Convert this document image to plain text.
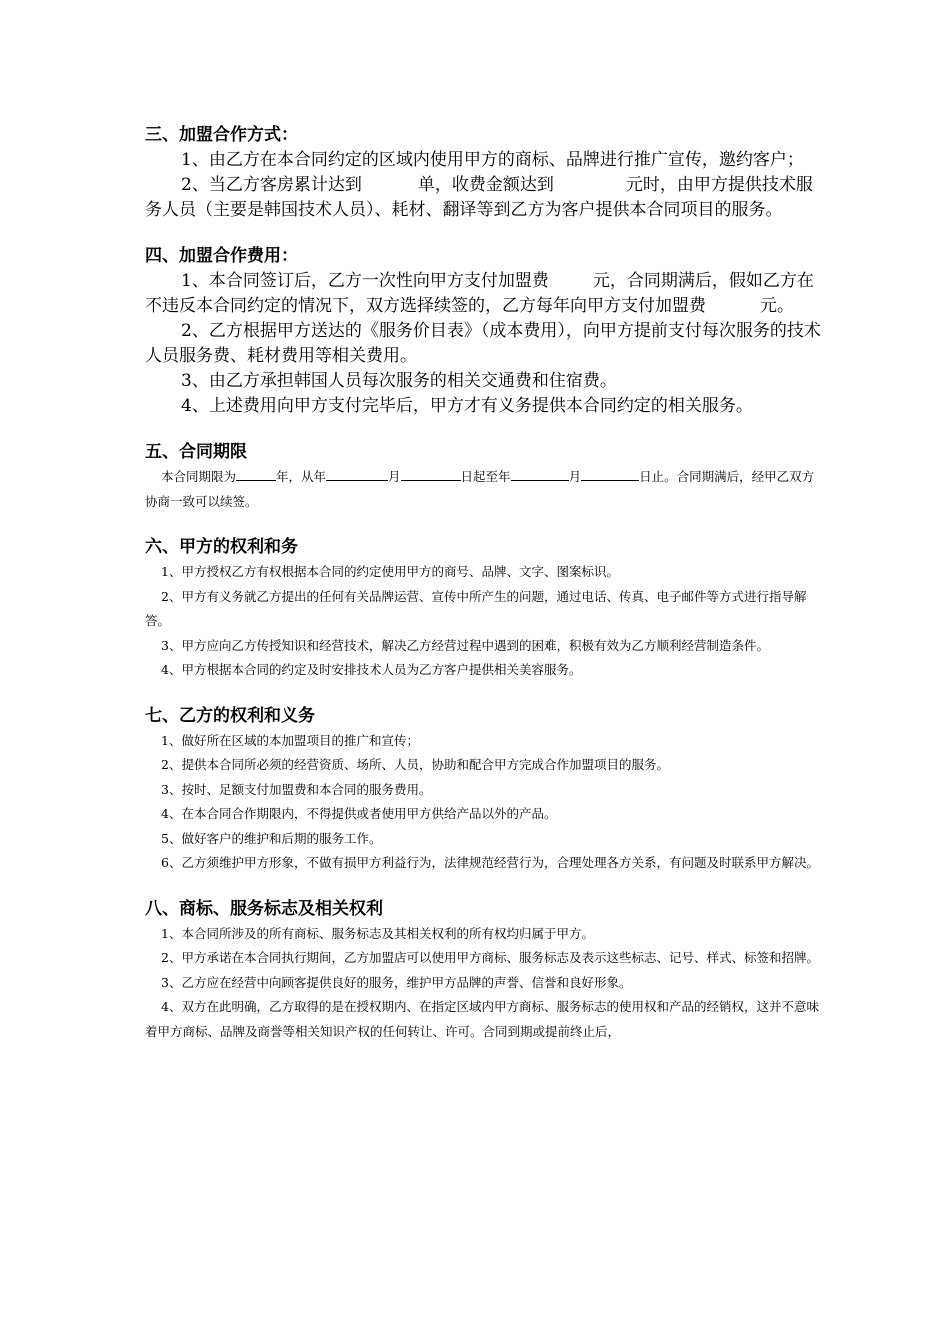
三、加盟合作方式：

1、由乙方在本合同约定的区域内使用甲方的商标、品牌进行推广宣传，邀约客户；

2、当乙方客房累计达到	单，收费金额达到	元时，由甲方提供技术服务人员（主要是韩国技术人员）、耗材、翻译等到乙方为客户提供本合同项目的服务。

四、加盟合作费用：

1、本合同签订后，乙方一次性向甲方支付加盟费	元，合同期满后，假如乙方在不违反本合同约定的情况下，双方选择续签的，乙方每年向甲方支付加盟费	元。

2、乙方根据甲方送达的《服务价目表》（成本费用），向甲方提前支付每次服务的技术人员服务费、耗材费用等相关费用。

3、由乙方承担韩国人员每次服务的相关交通费和住宿费。

4、上述费用向甲方支付完毕后，甲方才有义务提供本合同约定的相关服务。

五、合同期限

本合同期限为	年，从年	月	日起至年	月	日止。合同期满后，经甲乙双方协商一致可以续签。

六、甲方的权利和务

1、甲方授权乙方有权根据本合同的约定使用甲方的商号、品牌、文字、图案标识。

2、甲方有义务就乙方提出的任何有关品牌运营、宣传中所产生的问题，通过电话、传真、电子邮件等方式进行指导解答。

3、甲方应向乙方传授知识和经营技术，解决乙方经营过程中遇到的困难，积极有效为乙方顺利经营制造条件。

4、甲方根据本合同的约定及时安排技术人员为乙方客户提供相关美容服务。

七、乙方的权利和义务

1、做好所在区域的本加盟项目的推广和宣传；

2、提供本合同所必须的经营资质、场所、人员，协助和配合甲方完成合作加盟项目的服务。

3、按时、足额支付加盟费和本合同的服务费用。

4、在本合同合作期限内，不得提供或者使用甲方供给产品以外的产品。

5、做好客户的维护和后期的服务工作。

6、乙方须维护甲方形象，不做有损甲方利益行为，法律规范经营行为，合理处理各方关系，有问题及时联系甲方解决。

八、商标、服务标志及相关权利

1、本合同所涉及的所有商标、服务标志及其相关权利的所有权均归属于甲方。

2、甲方承诺在本合同执行期间，乙方加盟店可以使用甲方商标、服务标志及表示这些标志、记号、样式、标签和招牌。

3、乙方应在经营中向顾客提供良好的服务，维护甲方品牌的声誉、信誉和良好形象。

4、双方在此明确，乙方取得的是在授权期内、在指定区域内甲方商标、服务标志的使用权和产品的经销权，这并不意味着甲方商标、品牌及商誉等相关知识产权的任何转让、许可。合同到期或提前终止后，
